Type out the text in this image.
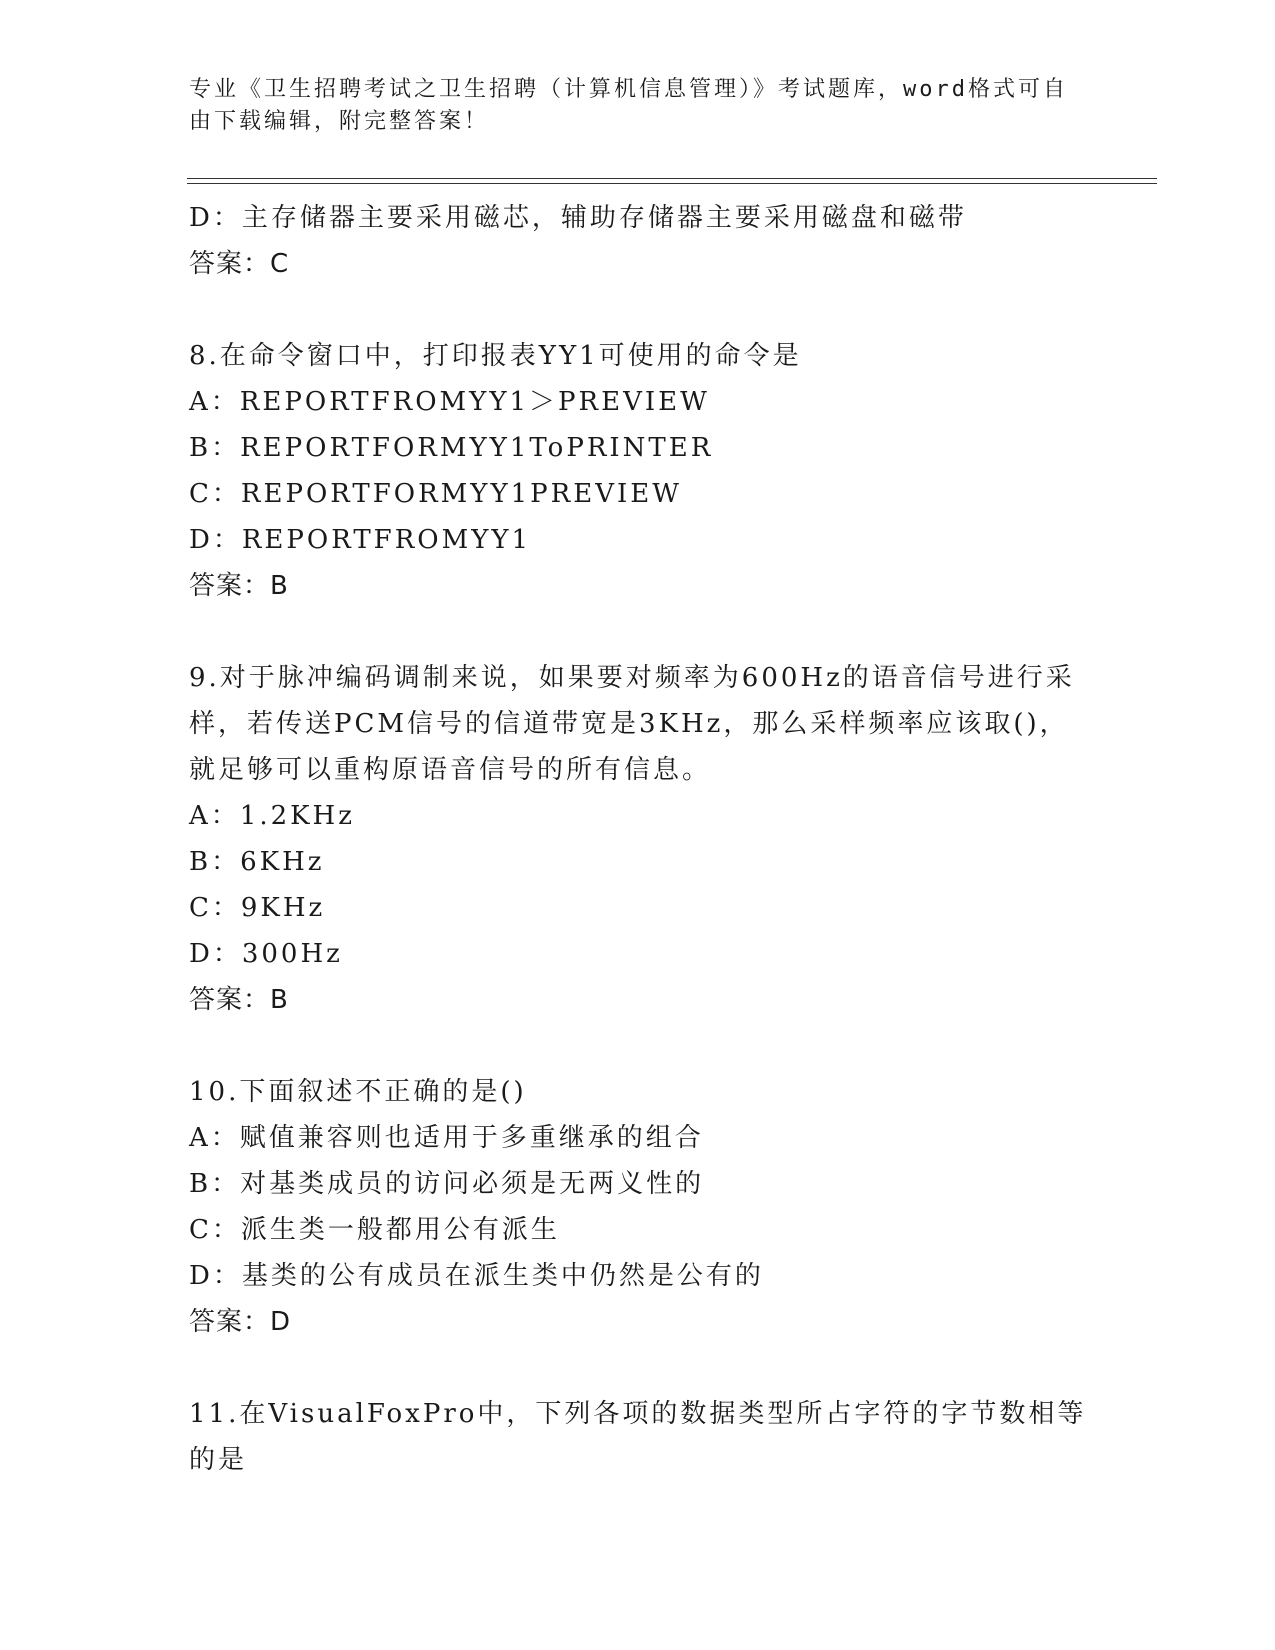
专业《卫生招聘考试之卫生招聘（计算机信息管理）》考试题库，word格式可自由下载编辑，附完整答案！
D：主存储器主要采用磁芯，辅助存储器主要采用磁盘和磁带
答案：C
8.在命令窗口中，打印报表YY1可使用的命令是
A：REPORTFROMYY1＞PREVIEW
B：REPORTFORMYY1ToPRINTER
C：REPORTFORMYY1PREVIEW
D：REPORTFROMYY1
答案：B
9.对于脉冲编码调制来说，如果要对频率为600Hz的语音信号进行采样，若传送PCM信号的信道带宽是3KHz，那么采样频率应该取()，就足够可以重构原语音信号的所有信息。
A：1.2KHz
B：6KHz
C：9KHz
D：300Hz
答案：B
10.下面叙述不正确的是()
A：赋值兼容则也适用于多重继承的组合
B：对基类成员的访问必须是无两义性的
C：派生类一般都用公有派生
D：基类的公有成员在派生类中仍然是公有的
答案：D
11.在VisualFoxPro中，下列各项的数据类型所占字符的字节数相等的是
